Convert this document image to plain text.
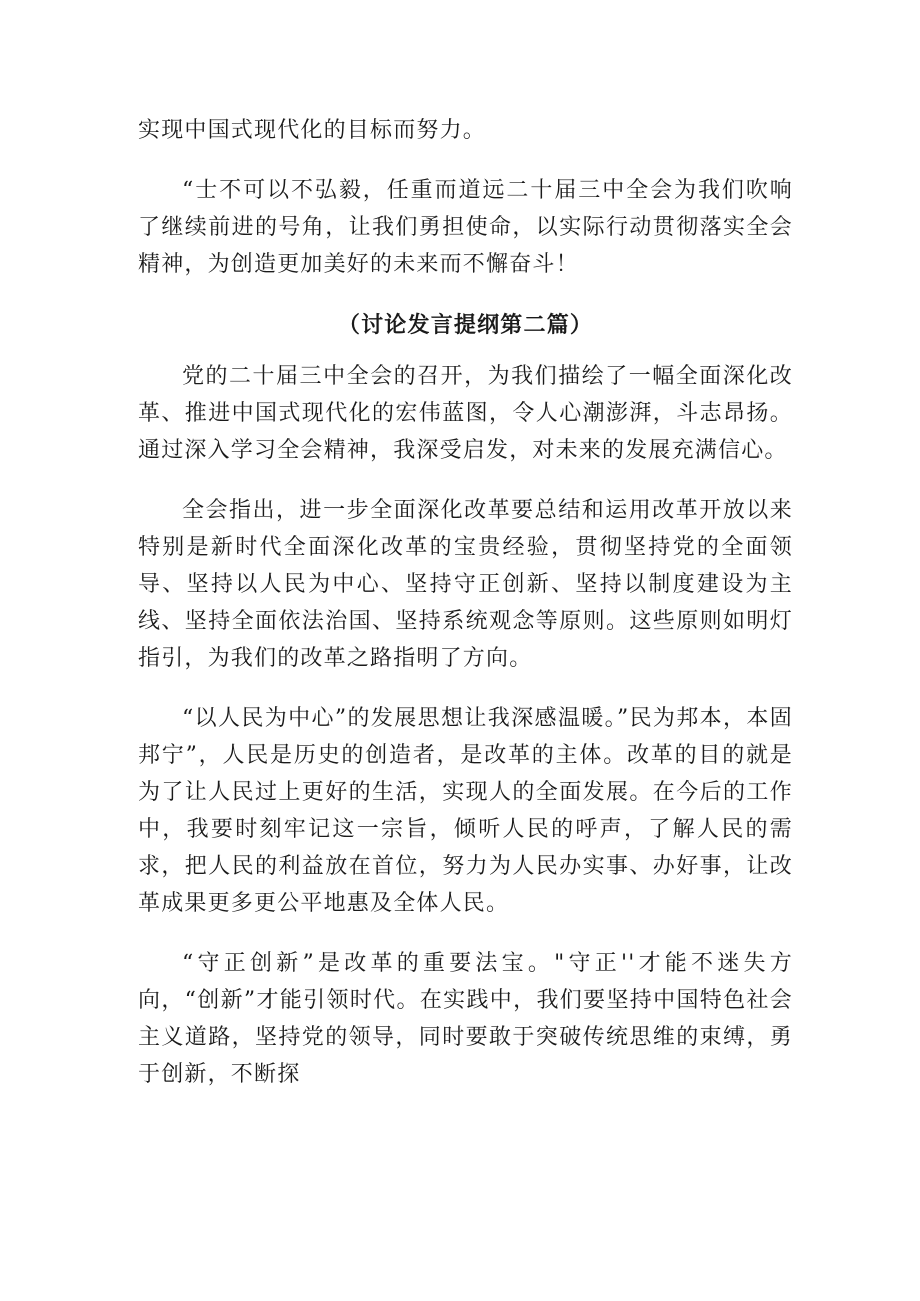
实现中国式现代化的目标而努力。

“士不可以不弘毅，任重而道远二十届三中全会为我们吹响了继续前进的号角，让我们勇担使命，以实际行动贯彻落实全会精神，为创造更加美好的未来而不懈奋斗！

（讨论发言提纲第二篇）

党的二十届三中全会的召开，为我们描绘了一幅全面深化改革、推进中国式现代化的宏伟蓝图，令人心潮澎湃，斗志昂扬。通过深入学习全会精神，我深受启发，对未来的发展充满信心。

全会指出，进一步全面深化改革要总结和运用改革开放以来特别是新时代全面深化改革的宝贵经验，贯彻坚持党的全面领导、坚持以人民为中心、坚持守正创新、坚持以制度建设为主线、坚持全面依法治国、坚持系统观念等原则。这些原则如明灯指引，为我们的改革之路指明了方向。

“以人民为中心”的发展思想让我深感温暖。”民为邦本，本固邦宁”，人民是历史的创造者，是改革的主体。改革的目的就是为了让人民过上更好的生活，实现人的全面发展。在今后的工作中，我要时刻牢记这一宗旨，倾听人民的呼声，了解人民的需求，把人民的利益放在首位，努力为人民办实事、办好事，让改革成果更多更公平地惠及全体人民。

“守正创新”是改革的重要法宝。"守正''才能不迷失方向，“创新”才能引领时代。在实践中，我们要坚持中国特色社会主义道路，坚持党的领导，同时要敢于突破传统思维的束缚，勇于创新，不断探
